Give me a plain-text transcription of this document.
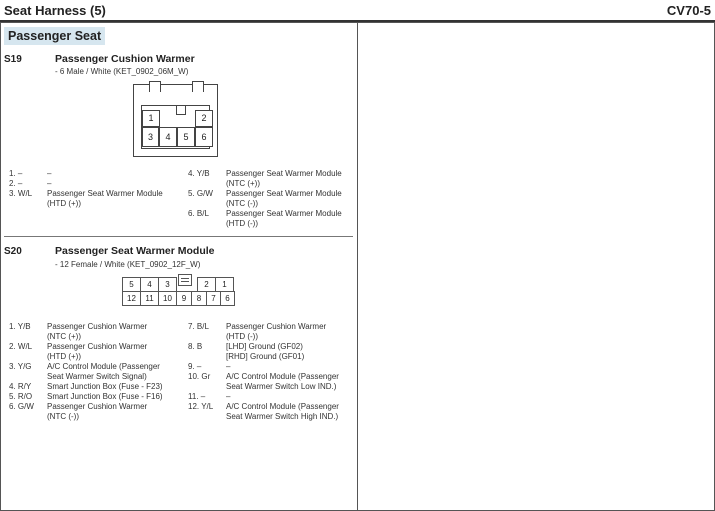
Seat Harness (5)	CV70-5
Passenger Seat
S19	Passenger Cushion Warmer
- 6 Male / White (KET_0902_06M_W)
1	2
3	4	5	6
1. –	–
2. –	–
3. W/L	Passenger Seat Warmer Module
(HTD (+))
4. Y/B	Passenger Seat Warmer Module
(NTC (+))
5. G/W	Passenger Seat Warmer Module
(NTC (-))
6. B/L	Passenger Seat Warmer Module
(HTD (-))
S20	Passenger Seat Warmer Module
- 12 Female / White (KET_0902_12F_W)
5	4	3	2	1
12	11	10	9	8	7	6
1. Y/B	Passenger Cushion Warmer
(NTC (+))
2. W/L	Passenger Cushion Warmer
(HTD (+))
3. Y/G	A/C Control Module (Passenger
Seat Warmer Switch Signal)
4. R/Y	Smart Junction Box (Fuse - F23)
5. R/O	Smart Junction Box (Fuse - F16)
6. G/W	Passenger Cushion Warmer
(NTC (-))
7. B/L	Passenger Cushion Warmer
(HTD (-))
8. B	[LHD] Ground (GF02)
[RHD] Ground (GF01)
9. –	–
10. Gr	A/C Control Module (Passenger
Seat Warmer Switch Low IND.)
11. –	–
12. Y/L	A/C Control Module (Passenger
Seat Warmer Switch High IND.)
